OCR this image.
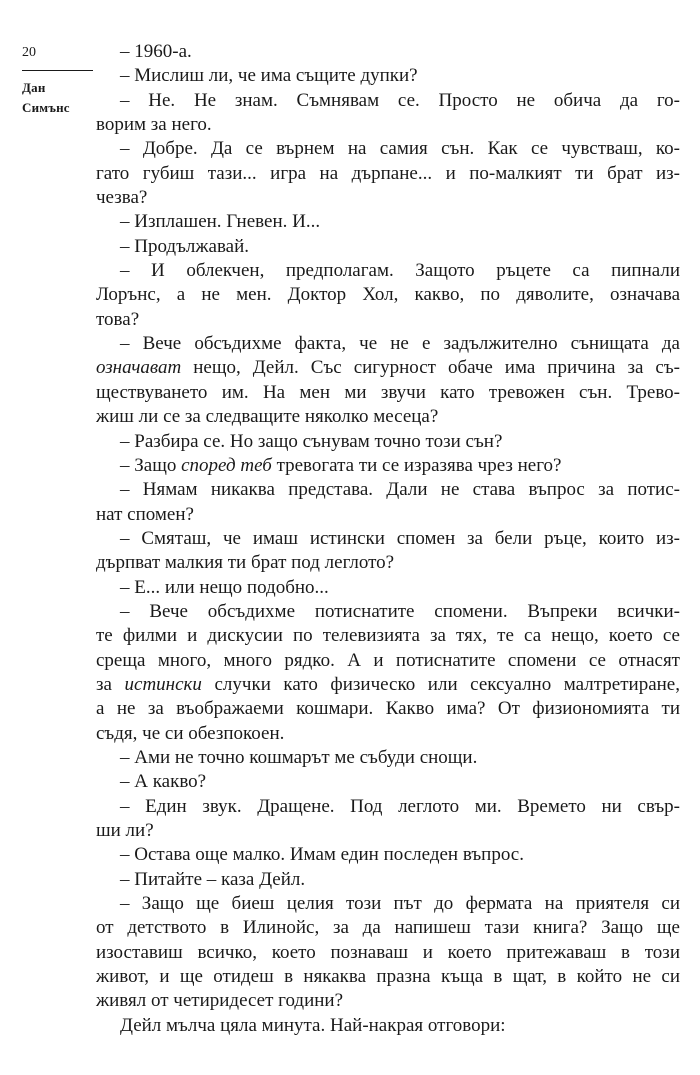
20
Дан
Симънс
– 1960-а.
– Мислиш ли, че има същите дупки?
– Не. Не знам. Съмнявам се. Просто не обича да го-
ворим за него.
– Добре. Да се върнем на самия сън. Как се чувстваш, ко-
гато губиш тази... игра на дърпане... и по-малкият ти брат из-
чезва?
– Изплашен. Гневен. И...
– Продължавай.
– И облекчен, предполагам. Защото ръцете са пипнали
Лорънс, а не мен. Доктор Хол, какво, по дяволите, означава
това?
– Вече обсъдихме факта, че не е задължително сънищата да
означават нещо, Дейл. Със сигурност обаче има причина за съ-
ществуването им. На мен ми звучи като тревожен сън. Трево-
жиш ли се за следващите няколко месеца?
– Разбира се. Но защо сънувам точно този сън?
– Защо според теб тревогата ти се изразява чрез него?
– Нямам никаква представа. Дали не става въпрос за потис-
нат спомен?
– Смяташ, че имаш истински спомен за бели ръце, които из-
дърпват малкия ти брат под леглото?
– Е... или нещо подобно...
– Вече обсъдихме потиснатите спомени. Въпреки всички-
те филми и дискусии по телевизията за тях, те са нещо, което се
среща много, много рядко. А и потиснатите спомени се отнасят
за истински случки като физическо или сексуално малтретиране,
а не за въображаеми кошмари. Какво има? От физиономията ти
съдя, че си обезпокоен.
– Ами не точно кошмарът ме събуди снощи.
– А какво?
– Един звук. Дращене. Под леглото ми. Времето ни свър-
ши ли?
– Остава още малко. Имам един последен въпрос.
– Питайте – каза Дейл.
– Защо ще биеш целия този път до фермата на приятеля си
от детството в Илинойс, за да напишеш тази книга? Защо ще
изоставиш всичко, което познаваш и което притежаваш в този
живот, и ще отидеш в някаква празна къща в щат, в който не си
живял от четиридесет години?
Дейл мълча цяла минута. Най-накрая отговори:
